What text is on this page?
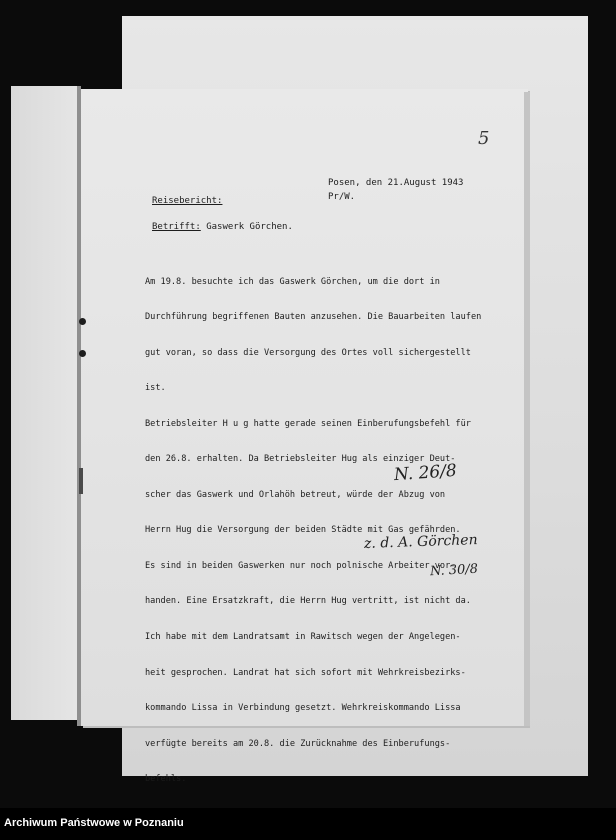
5
Posen, den 21.August 1943
Pr/W.
Reisebericht:
Betrifft: Gaswerk Görchen.

Am 19.8. besuchte ich das Gaswerk Görchen, um die dort in

Durchführung begriffenen Bauten anzusehen. Die Bauarbeiten laufen

gut voran, so dass die Versorgung des Ortes voll sichergestellt

ist.

Betriebsleiter H u g hatte gerade seinen Einberufungsbefehl für

den 26.8. erhalten. Da Betriebsleiter Hug als einziger Deut-

scher das Gaswerk und Orlahöh betreut, würde der Abzug von

Herrn Hug die Versorgung der beiden Städte mit Gas gefährden.

Es sind in beiden Gaswerken nur noch polnische Arbeiter vor-

handen. Eine Ersatzkraft, die Herrn Hug vertritt, ist nicht da.

Ich habe mit dem Landratsamt in Rawitsch wegen der Angelegen-

heit gesprochen. Landrat hat sich sofort mit Wehrkreisbezirks-

kommando Lissa in Verbindung gesetzt. Wehrkreiskommando Lissa

verfügte bereits am 20.8. die Zurücknahme des Einberufungs-

befehls.

N. 26/8
z. d. A. Görchen
N. 30/8
Archiwum Państwowe w Poznaniu
